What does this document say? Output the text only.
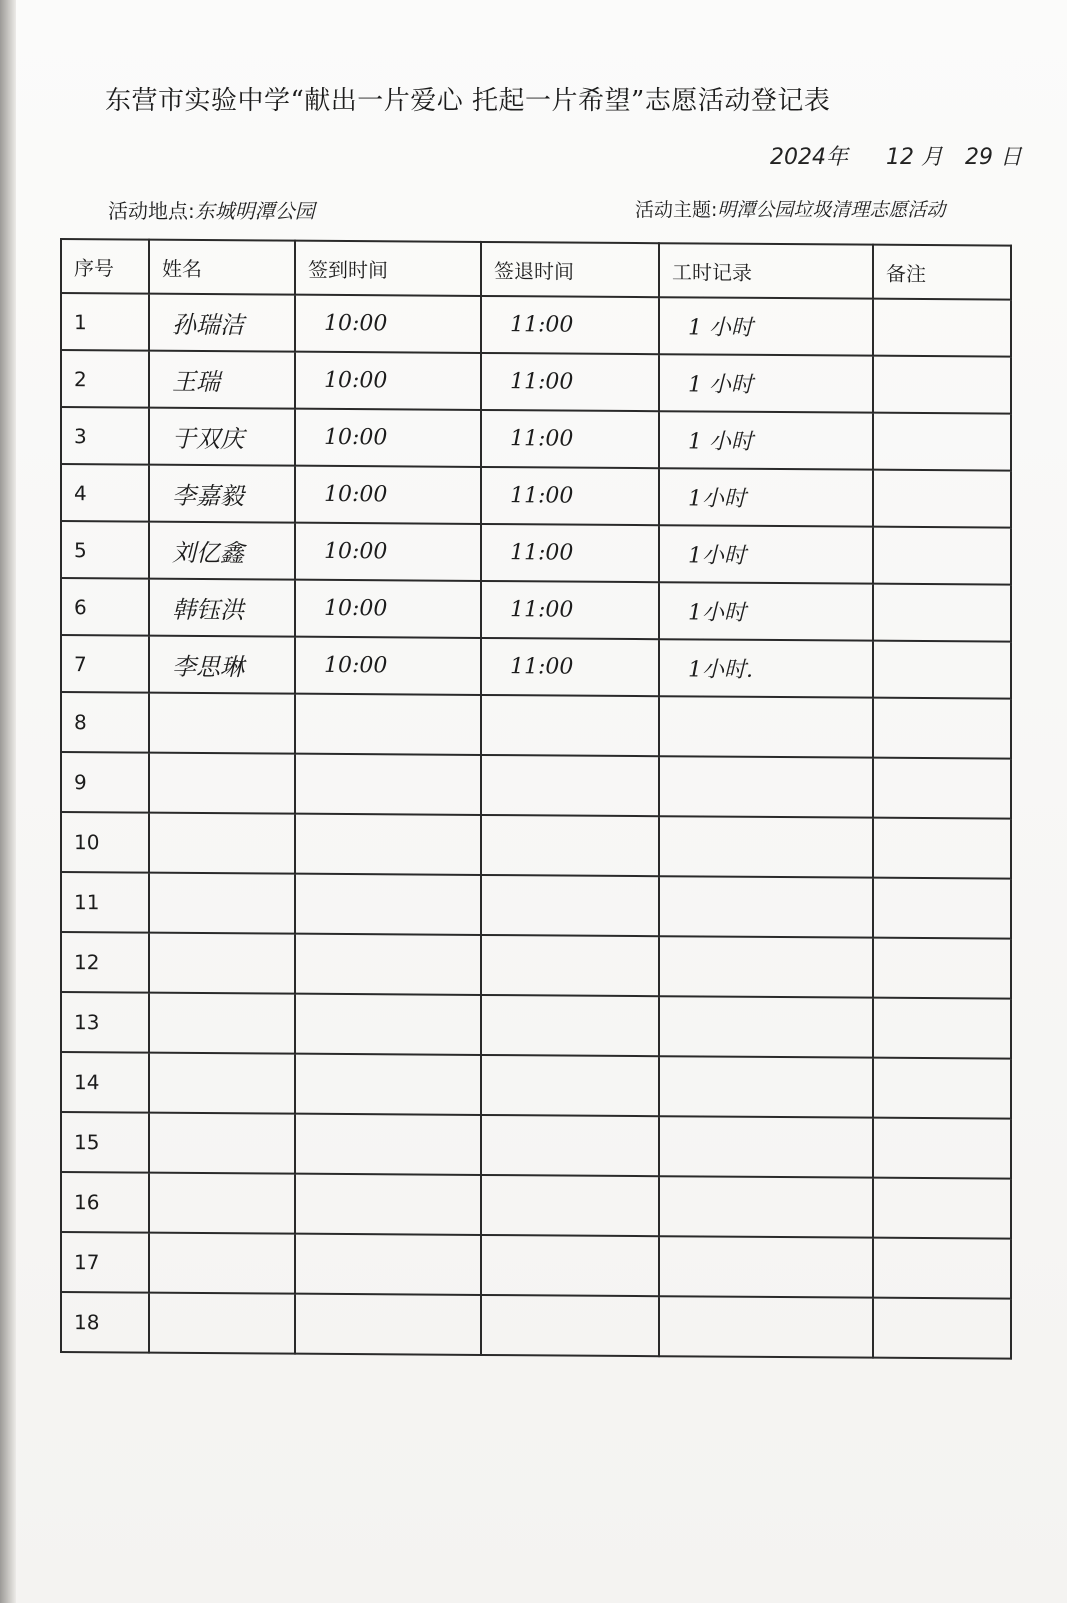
东营市实验中学“献出一片爱心 托起一片希望”志愿活动登记表
2024年 12 月 29 日
活动地点:东城明潭公园	活动主题:明潭公园垃圾清理志愿活动
序号	姓名	签到时间	签退时间	工时记录	备注
1	孙瑞洁	10:00	11:00	1 小时	
2	王瑞	10:00	11:00	1 小时	
3	于双庆	10:00	11:00	1 小时	
4	李嘉毅	10:00	11:00	1小时	
5	刘亿鑫	10:00	11:00	1小时	
6	韩钰洪	10:00	11:00	1小时	
7	李思琳	10:00	11:00	1小时.	
8					
9					
10					
11					
12					
13					
14					
15					
16					
17					
18					
